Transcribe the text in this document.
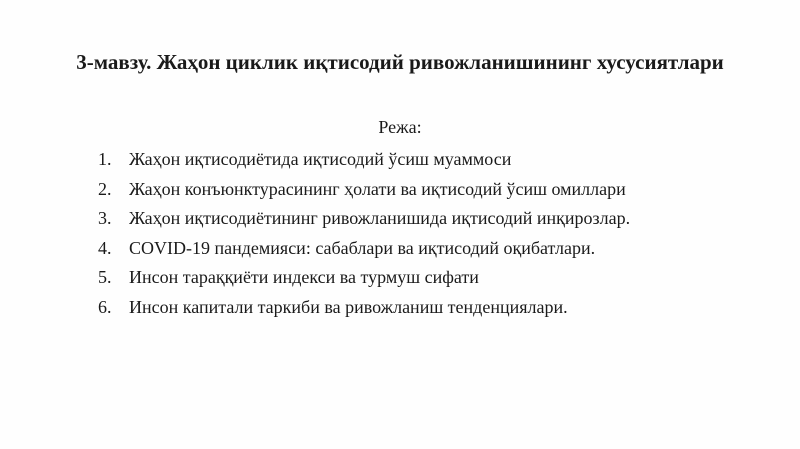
3-мавзу. Жаҳон циклик иқтисодий ривожланишининг хусусиятлари
Режа:
1. Жаҳон иқтисодиётида иқтисодий ўсиш муаммоси
2. Жаҳон конъюнктурасининг ҳолати ва иқтисодий ўсиш омиллари
3. Жаҳон иқтисодиётининг ривожланишида иқтисодий инқирозлар.
4. COVID-19 пандемияси: сабаблари ва иқтисодий оқибатлари.
5. Инсон тараққиёти индекси ва турмуш сифати
6. Инсон капитали таркиби ва ривожланиш тенденциялари.
